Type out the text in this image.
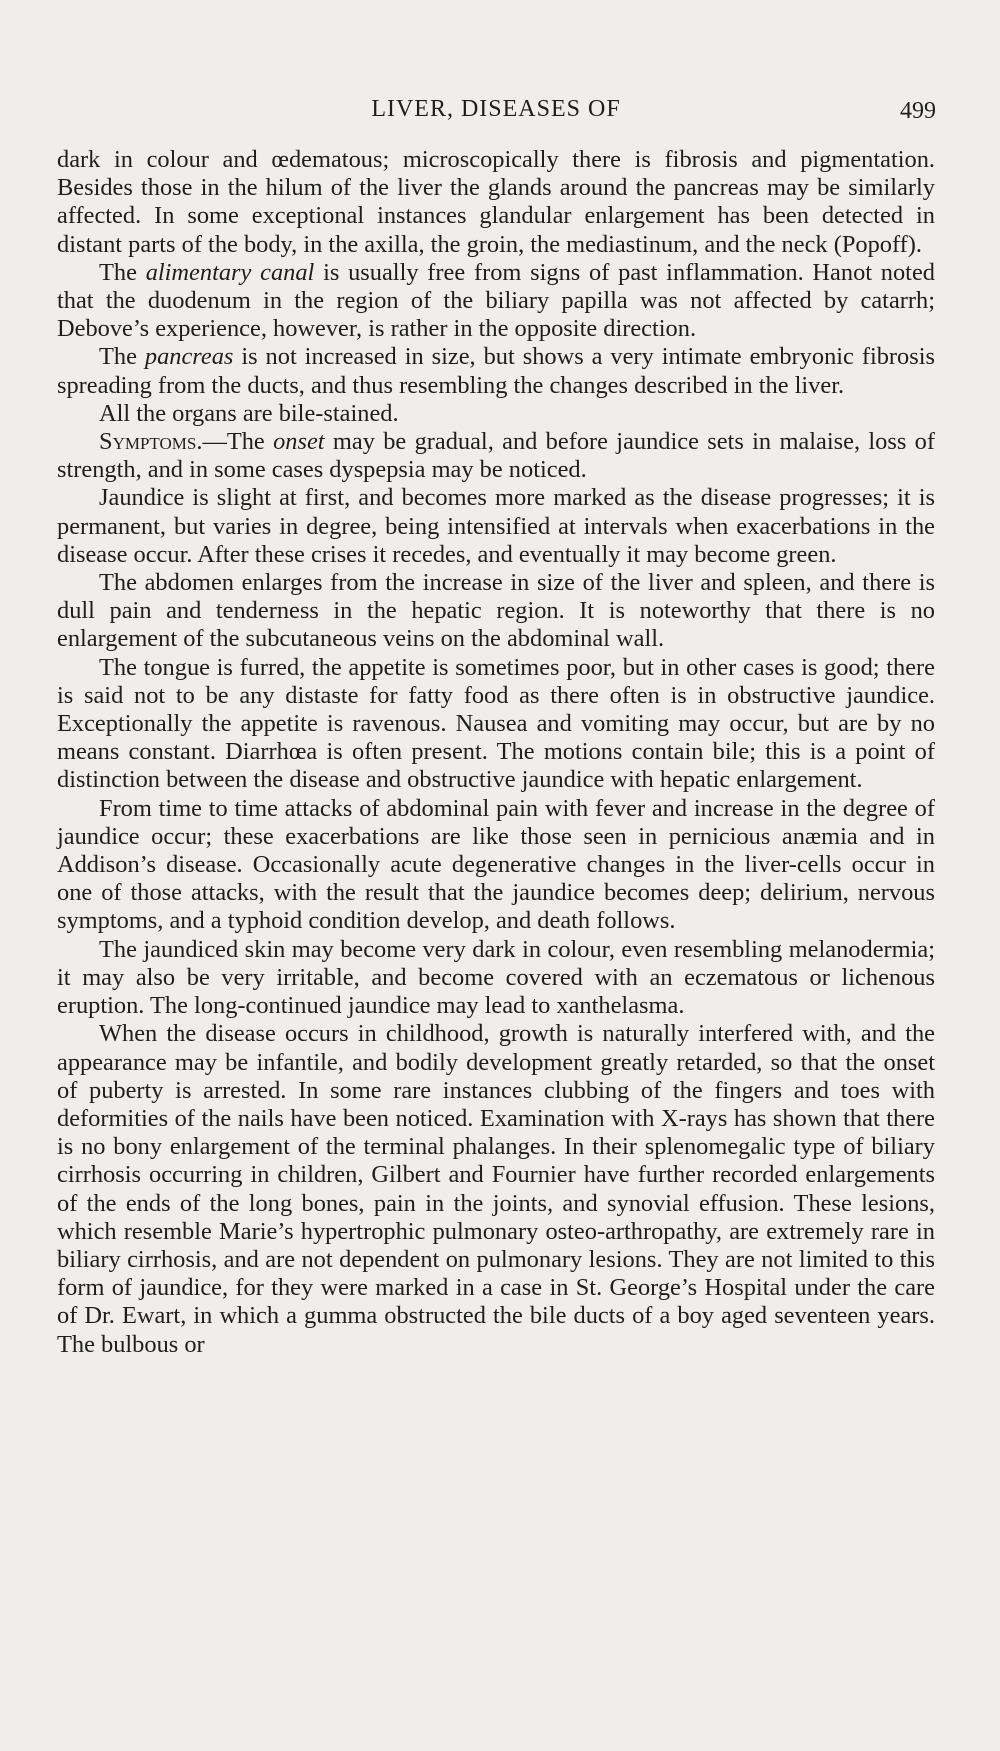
LIVER, DISEASES OF	499

dark in colour and œdematous; microscopically there is fibrosis and pigmentation. Besides those in the hilum of the liver the glands around the pancreas may be similarly affected. In some exceptional instances glandular enlargement has been detected in distant parts of the body, in the axilla, the groin, the mediastinum, and the neck (Popoff).

The alimentary canal is usually free from signs of past inflammation. Hanot noted that the duodenum in the region of the biliary papilla was not affected by catarrh; Debove’s experience, however, is rather in the opposite direction.

The pancreas is not increased in size, but shows a very intimate embryonic fibrosis spreading from the ducts, and thus resembling the changes described in the liver.

All the organs are bile-stained.

Symptoms.—The onset may be gradual, and before jaundice sets in malaise, loss of strength, and in some cases dyspepsia may be noticed.

Jaundice is slight at first, and becomes more marked as the disease progresses; it is permanent, but varies in degree, being intensified at intervals when exacerbations in the disease occur. After these crises it recedes, and eventually it may become green.

The abdomen enlarges from the increase in size of the liver and spleen, and there is dull pain and tenderness in the hepatic region. It is noteworthy that there is no enlargement of the subcutaneous veins on the abdominal wall.

The tongue is furred, the appetite is sometimes poor, but in other cases is good; there is said not to be any distaste for fatty food as there often is in obstructive jaundice. Exceptionally the appetite is ravenous. Nausea and vomiting may occur, but are by no means constant. Diarrhœa is often present. The motions contain bile; this is a point of distinction between the disease and obstructive jaundice with hepatic enlargement.

From time to time attacks of abdominal pain with fever and increase in the degree of jaundice occur; these exacerbations are like those seen in pernicious anæmia and in Addison’s disease. Occasionally acute degenerative changes in the liver-cells occur in one of those attacks, with the result that the jaundice becomes deep; delirium, nervous symptoms, and a typhoid condition develop, and death follows.

The jaundiced skin may become very dark in colour, even resembling melanodermia; it may also be very irritable, and become covered with an eczematous or lichenous eruption. The long-continued jaundice may lead to xanthelasma.

When the disease occurs in childhood, growth is naturally interfered with, and the appearance may be infantile, and bodily development greatly retarded, so that the onset of puberty is arrested. In some rare instances clubbing of the fingers and toes with deformities of the nails have been noticed. Examination with X-rays has shown that there is no bony enlargement of the terminal phalanges. In their splenomegalic type of biliary cirrhosis occurring in children, Gilbert and Fournier have further recorded enlargements of the ends of the long bones, pain in the joints, and synovial effusion. These lesions, which resemble Marie’s hypertrophic pulmonary osteo-arthropathy, are extremely rare in biliary cirrhosis, and are not dependent on pulmonary lesions. They are not limited to this form of jaundice, for they were marked in a case in St. George’s Hospital under the care of Dr. Ewart, in which a gumma obstructed the bile ducts of a boy aged seventeen years. The bulbous or
